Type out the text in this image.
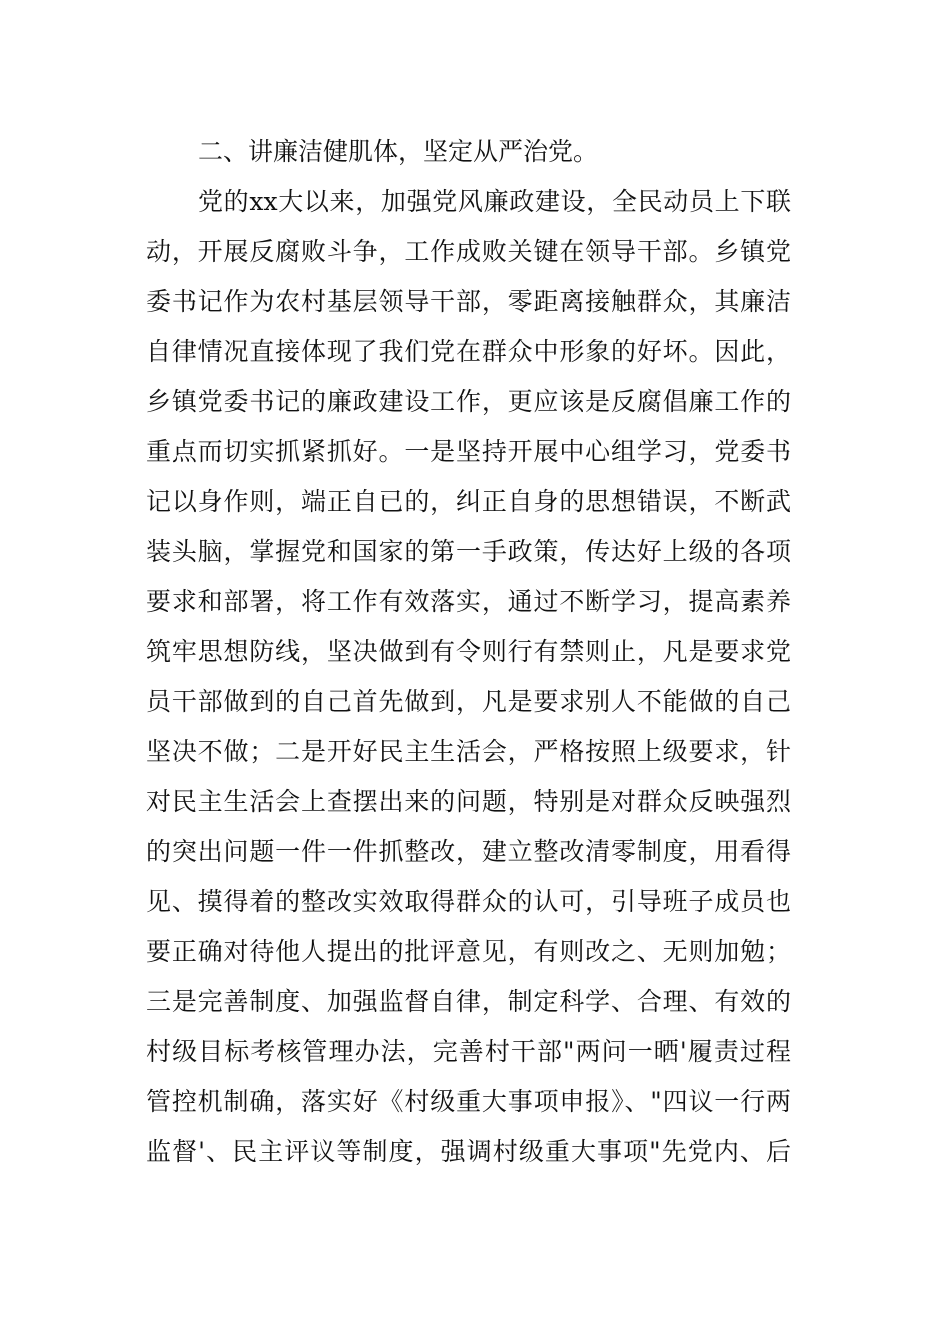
二、讲廉洁健肌体，坚定从严治党。
党的xx大以来，加强党风廉政建设，全民动员上下联
动，开展反腐败斗争，工作成败关键在领导干部。乡镇党
委书记作为农村基层领导干部，零距离接触群众，其廉洁
自律情况直接体现了我们党在群众中形象的好坏。因此，
乡镇党委书记的廉政建设工作，更应该是反腐倡廉工作的
重点而切实抓紧抓好。一是坚持开展中心组学习，党委书
记以身作则，端正自已的，纠正自身的思想错误，不断武
装头脑，掌握党和国家的第一手政策，传达好上级的各项
要求和部署，将工作有效落实，通过不断学习，提高素养
筑牢思想防线，坚决做到有令则行有禁则止，凡是要求党
员干部做到的自己首先做到，凡是要求别人不能做的自己
坚决不做；二是开好民主生活会，严格按照上级要求，针
对民主生活会上查摆出来的问题，特别是对群众反映强烈
的突出问题一件一件抓整改，建立整改清零制度，用看得
见、摸得着的整改实效取得群众的认可，引导班子成员也
要正确对待他人提出的批评意见，有则改之、无则加勉；
三是完善制度、加强监督自律，制定科学、合理、有效的
村级目标考核管理办法，完善村干部"两问一晒'履责过程
管控机制确，落实好《村级重大事项申报》、"四议一行两
监督'、民主评议等制度，强调村级重大事项"先党内、后
